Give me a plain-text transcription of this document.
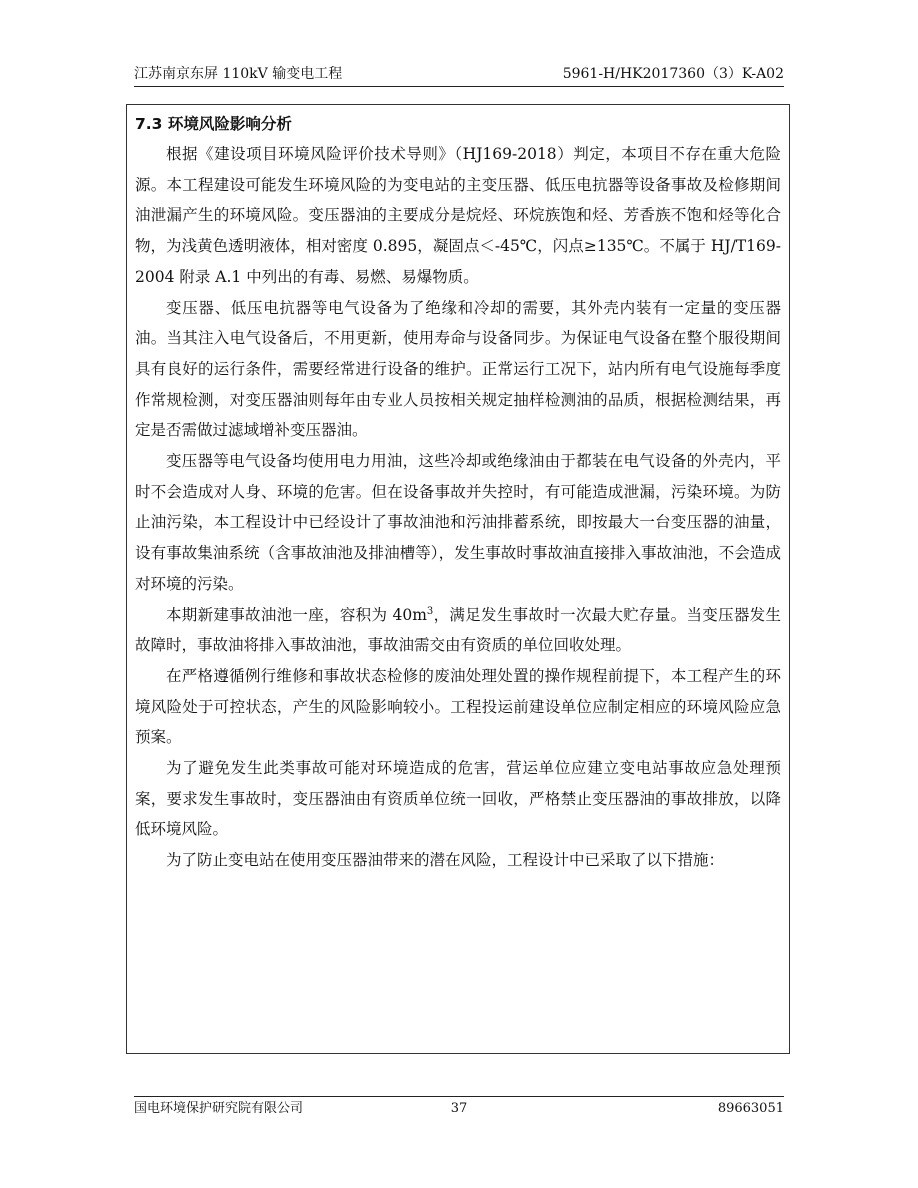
江苏南京东屏 110kV 输变电工程	5961-H/HK2017360（3）K-A02

7.3 环境风险影响分析

根据《建设项目环境风险评价技术导则》（HJ169-2018）判定，本项目不存在重大危险源。本工程建设可能发生环境风险的为变电站的主变压器、低压电抗器等设备事故及检修期间油泄漏产生的环境风险。变压器油的主要成分是烷烃、环烷族饱和烃、芳香族不饱和烃等化合物，为浅黄色透明液体，相对密度 0.895，凝固点＜-45℃，闪点≥135℃。不属于 HJ/T169-2004 附录 A.1 中列出的有毒、易燃、易爆物质。

变压器、低压电抗器等电气设备为了绝缘和冷却的需要，其外壳内装有一定量的变压器油。当其注入电气设备后，不用更新，使用寿命与设备同步。为保证电气设备在整个服役期间具有良好的运行条件，需要经常进行设备的维护。正常运行工况下，站内所有电气设施每季度作常规检测，对变压器油则每年由专业人员按相关规定抽样检测油的品质，根据检测结果，再定是否需做过滤域增补变压器油。

变压器等电气设备均使用电力用油，这些冷却或绝缘油由于都装在电气设备的外壳内，平时不会造成对人身、环境的危害。但在设备事故并失控时，有可能造成泄漏，污染环境。为防止油污染，本工程设计中已经设计了事故油池和污油排蓄系统，即按最大一台变压器的油量，设有事故集油系统（含事故油池及排油槽等），发生事故时事故油直接排入事故油池，不会造成对环境的污染。

本期新建事故油池一座，容积为 $40m^3$，满足发生事故时一次最大贮存量。当变压器发生故障时，事故油将排入事故油池，事故油需交由有资质的单位回收处理。

在严格遵循例行维修和事故状态检修的废油处理处置的操作规程前提下，本工程产生的环境风险处于可控状态，产生的风险影响较小。工程投运前建设单位应制定相应的环境风险应急预案。

为了避免发生此类事故可能对环境造成的危害，营运单位应建立变电站事故应急处理预案，要求发生事故时，变压器油由有资质单位统一回收，严格禁止变压器油的事故排放，以降低环境风险。

为了防止变电站在使用变压器油带来的潜在风险，工程设计中已采取了以下措施：

国电环境保护研究院有限公司	37	89663051
